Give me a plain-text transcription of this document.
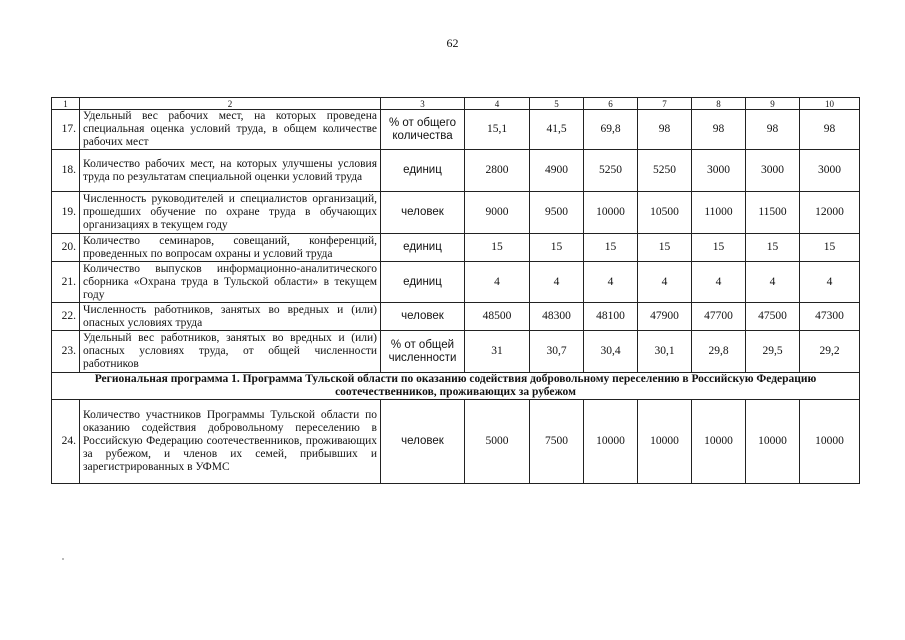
62
1	2	3	4	5	6	7	8	9	10
17.	Удельный вес рабочих мест, на которых проведена специальная оценка условий труда, в общем количестве рабочих мест	% от общего количества	15,1	41,5	69,8	98	98	98	98
18.	Количество рабочих мест, на которых улучшены условия труда по результатам специальной оценки условий труда	единиц	2800	4900	5250	5250	3000	3000	3000
19.	Численность руководителей и специалистов организаций, прошедших обучение по охране труда в обучающих организациях в текущем году	человек	9000	9500	10000	10500	11000	11500	12000
20.	Количество семинаров, совещаний, конференций, проведенных по вопросам охраны и условий труда	единиц	15	15	15	15	15	15	15
21.	Количество выпусков информационно-аналитического сборника «Охрана труда в Тульской области» в текущем году	единиц	4	4	4	4	4	4	4
22.	Численность работников, занятых во вредных и (или) опасных условиях труда	человек	48500	48300	48100	47900	47700	47500	47300
23.	Удельный вес работников, занятых во вредных и (или) опасных условиях труда, от общей численности работников	% от общей численности	31	30,7	30,4	30,1	29,8	29,5	29,2
Региональная программа 1. Программа Тульской области по оказанию содействия добровольному переселению в Российскую Федерацию соотечественников, проживающих за рубежом									
24.	Количество участников Программы Тульской области по оказанию содействия добровольному переселению в Российскую Федерацию соотечественников, проживающих за рубежом, и членов их семей, прибывших и зарегистрированных в УФМС	человек	5000	7500	10000	10000	10000	10000	10000
